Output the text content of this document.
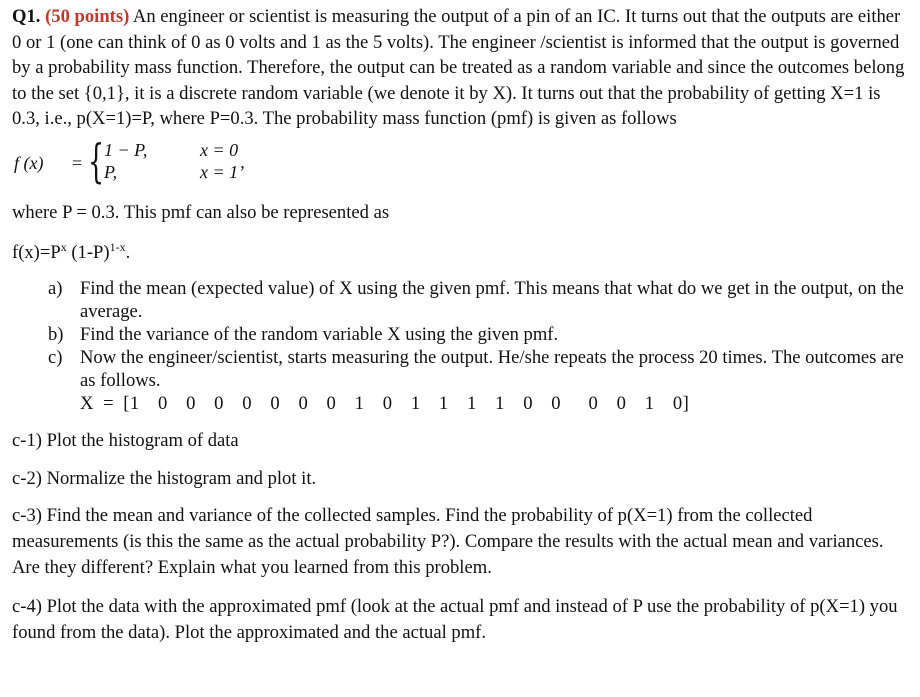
Q1. (50 points) An engineer or scientist is measuring the output of a pin of an IC. It turns out that the outputs are either 0 or 1 (one can think of 0 as 0 volts and 1 as the 5 volts). The engineer /scientist is informed that the output is governed by a probability mass function. Therefore, the output can be treated as a random variable and since the outcomes belong to the set {0,1}, it is a discrete random variable (we denote it by X). It turns out that the probability of getting X=1 is 0.3, i.e., p(X=1)=P, where P=0.3. The probability mass function (pmf) is given as follows

f (x) = { 1 − P,
P,
x = 0
x = 1’

where P = 0.3. This pmf can also be represented as

$f(x)=P^x$ $(1-P)^{1-x}$.

a) Find the mean (expected value) of X using the given pmf. This means that what do we get in the output, on the average.
b) Find the variance of the random variable X using the given pmf.
c) Now the engineer/scientist, starts measuring the output. He/she repeats the process 20 times. The outcomes are as follows.
X = [1  0  0  0  0  0  0  0  1  0  1  1  1  1  0  0   0  0  1  0]

c-1) Plot the histogram of data

c-2) Normalize the histogram and plot it.

c-3) Find the mean and variance of the collected samples. Find the probability of p(X=1) from the collected measurements (is this the same as the actual probability P?). Compare the results with the actual mean and variances. Are they different? Explain what you learned from this problem.

c-4) Plot the data with the approximated pmf (look at the actual pmf and instead of P use the probability of p(X=1) you found from the data). Plot the approximated and the actual pmf.
